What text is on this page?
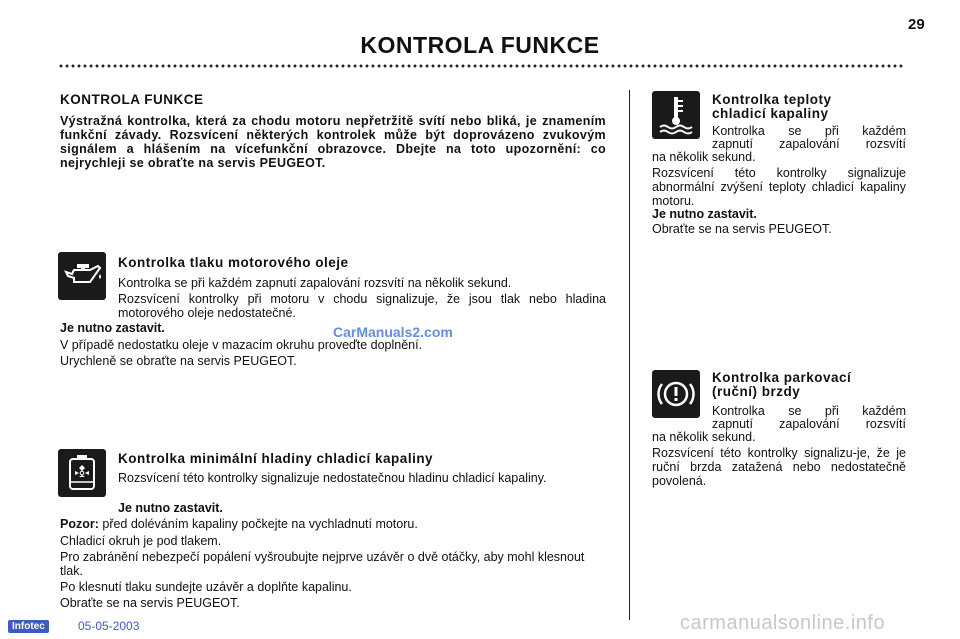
29
KONTROLA FUNKCE
KONTROLA FUNKCE
Výstražná kontrolka, která za chodu motoru nepřetržitě svítí nebo bliká, je znamením funkční závady. Rozsvícení některých kontrolek může být doprovázeno zvukovým signálem a hlášením na vícefunkční obrazovce. Dbejte na toto upozornění: co nejrychleji se obraťte na servis PEUGEOT.
Kontrolka tlaku motorového oleje

Kontrolka se při každém zapnutí zapalování rozsvítí na několik sekund.

Rozsvícení kontrolky při motoru v chodu signalizuje, že jsou tlak nebo hladina motorového oleje nedostatečné.

Je nutno zastavit.

V případě nedostatku oleje v mazacím okruhu proveďte doplnění.

Urychleně se obraťte na servis PEUGEOT.

CarManuals2.com
Kontrolka minimální hladiny chladicí kapaliny

Rozsvícení této kontrolky signalizuje nedostatečnou hladinu chladicí kapaliny.

Je nutno zastavit.

Pozor: před doléváním kapaliny počkejte na vychladnutí motoru.

Chladicí okruh je pod tlakem.

Pro zabránění nebezpečí popálení vyšroubujte nejprve uzávěr o dvě otáčky, aby mohl klesnout tlak.

Po klesnutí tlaku sundejte uzávěr a doplňte kapalinu.

Obraťte se na servis PEUGEOT.

Kontrolka teploty
chladicí kapaliny

Kontrolka se při každém

zapnutí zapalování rozsvítí

na několik sekund.

Rozsvícení této kontrolky signalizuje abnormální zvýšení teploty chladicí kapaliny motoru.

Je nutno zastavit.

Obraťte se na servis PEUGEOT.

Kontrolka parkovací
(ruční) brzdy

Kontrolka se při každém

zapnutí zapalování rozsvítí

na několik sekund.

Rozsvícení této kontrolky signalizu-je, že je ruční brzda zatažená nebo nedostatečně povolená.

Infotec	05-05-2003	carmanualsonline.info
